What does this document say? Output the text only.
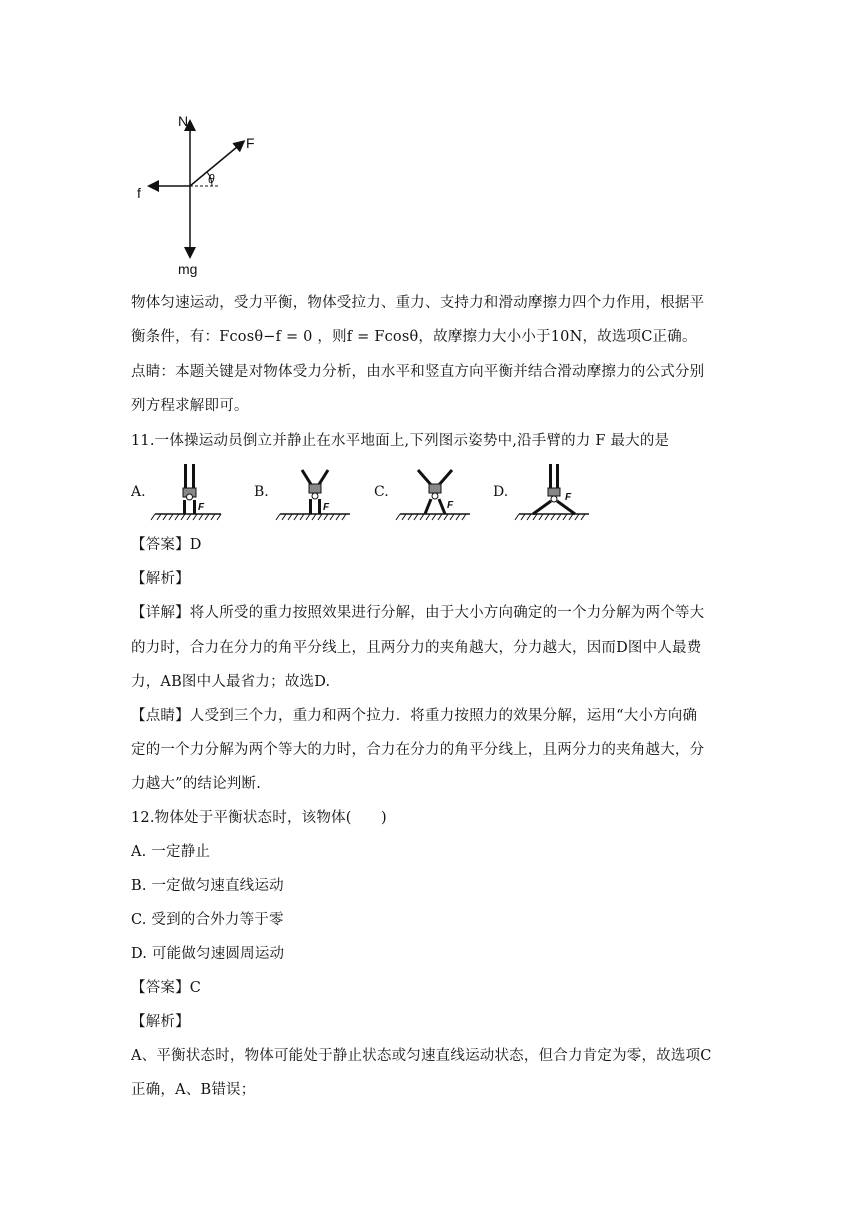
N
F
f
θ
mg
物体匀速运动，受力平衡，物体受拉力、重力、支持力和滑动摩擦力四个力作用，根据平
衡条件，有：Fcosθ−f = 0 ，则f = Fcosθ，故摩擦力大小小于10N，故选项C正确。
点睛：本题关键是对物体受力分析，由水平和竖直方向平衡并结合滑动摩擦力的公式分别
列方程求解即可。
11.一体操运动员倒立并静止在水平地面上,下列图示姿势中,沿手臂的力 F 最大的是
A.
F
B.
F
C.
F
D.	F
【答案】D
【解析】
【详解】将人所受的重力按照效果进行分解，由于大小方向确定的一个力分解为两个等大
的力时，合力在分力的角平分线上，且两分力的夹角越大，分力越大，因而D图中人最费
力，AB图中人最省力；故选D.
【点睛】人受到三个力，重力和两个拉力．将重力按照力的效果分解，运用“大小方向确
定的一个力分解为两个等大的力时，合力在分力的角平分线上，且两分力的夹角越大，分
力越大”的结论判断.
12.物体处于平衡状态时，该物体(　　)
A. 一定静止
B. 一定做匀速直线运动
C. 受到的合外力等于零
D. 可能做匀速圆周运动
【答案】C
【解析】
A、平衡状态时，物体可能处于静止状态或匀速直线运动状态，但合力肯定为零，故选项C
正确，A、B错误；
